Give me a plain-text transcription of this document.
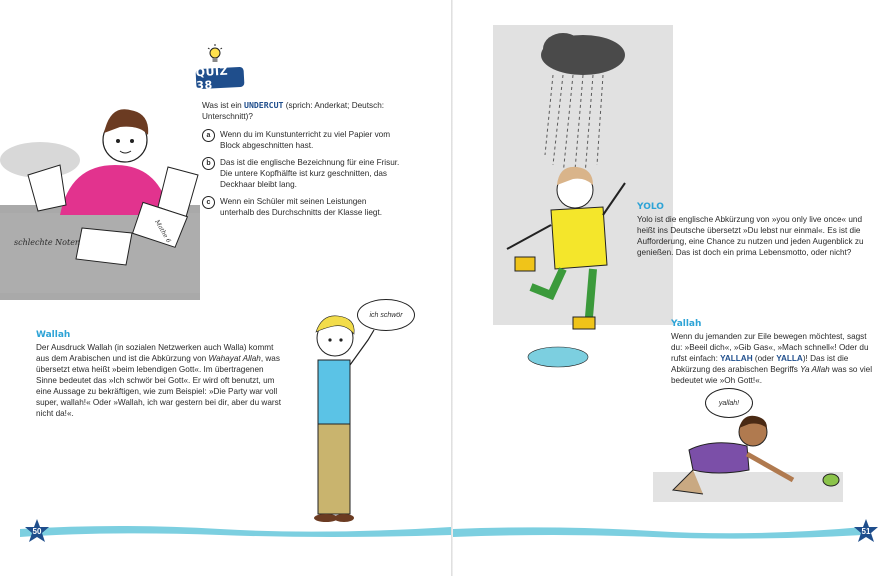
schlechte Noten	Mathe 6
QUIZ 38
Was ist ein UNDERCUT (sprich: Anderkat; Deutsch: Unterschnitt)?
a	Wenn du im Kunstunterricht zu viel Papier vom Block abgeschnitten hast.
b	Das ist die englische Bezeichnung für eine Frisur. Die untere Kopfhälfte ist kurz geschnitten, das Deckhaar bleibt lang.
c	Wenn ein Schüler mit seinen Leistungen unterhalb des Durchschnitts der Klasse liegt.
Wallah
Der Ausdruck Wallah (in sozialen Netzwerken auch Walla) kommt aus dem Arabischen und ist die Abkürzung von Wahayat Allah, was übersetzt etwa heißt »beim lebendigen Gott«. Im übertragenen Sinne bedeutet das »Ich schwör bei Gott«. Er wird oft benutzt, um eine Aussage zu bekräftigen, wie zum Beispiel: »Die Party war voll super, wallah!« Oder »Wallah, ich war gestern bei dir, aber du warst nicht da!«.
ich schwör
50
YOLO
Yolo ist die englische Abkürzung von »you only live once« und heißt ins Deutsche übersetzt »Du lebst nur einmal«. Es ist die Aufforderung, eine Chance zu nutzen und jeden Augenblick zu genießen. Das ist doch ein prima Lebensmotto, oder nicht?
Yallah
Wenn du jemanden zur Eile bewegen möchtest, sagst du: »Beeil dich«, »Gib Gas«, »Mach schnell«! Oder du rufst einfach: YALLAH (oder YALLA)! Das ist die Abkürzung des arabischen Begriffs Ya Allah was so viel bedeutet wie »Oh Gott!«.
yallah!
51
